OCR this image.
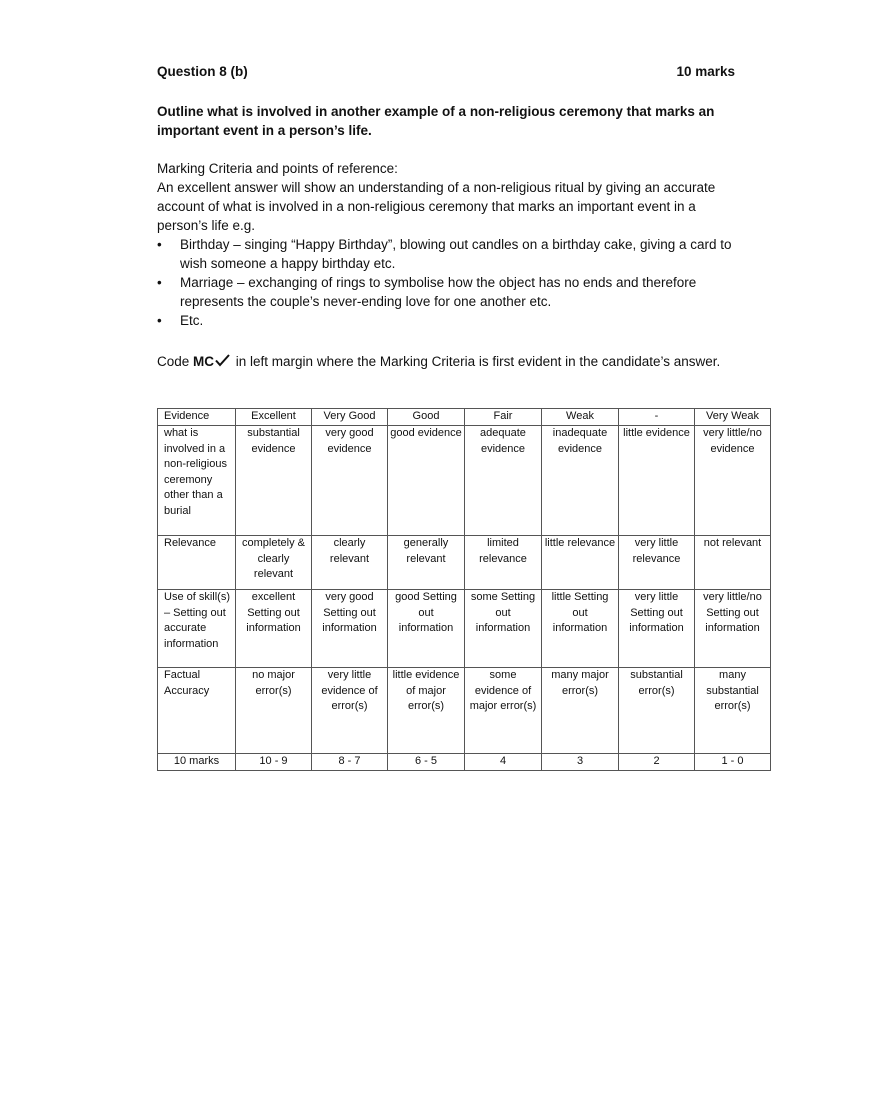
Question 8 (b)	10 marks
Outline what is involved in another example of a non-religious ceremony that marks an important event in a person’s life.

Marking Criteria and points of reference:

An excellent answer will show an understanding of a non-religious ritual by giving an accurate account of what is involved in a non-religious ceremony that marks an important event in a person’s life e.g.

•	Birthday – singing “Happy Birthday”, blowing out candles on a birthday cake, giving a card to wish someone a happy birthday etc.
•	Marriage – exchanging of rings to symbolise how the object has no ends and therefore represents the couple’s never-ending love for one another etc.
•	Etc.
Code MC in left margin where the Marking Criteria is first evident in the candidate’s answer.
Evidence	Excellent	Very Good	Good	Fair	Weak	-	Very Weak
what is involved in a non-religious ceremony other than a burial	substantial evidence	very good evidence	good evidence	adequate evidence	inadequate evidence	little evidence	very little/no evidence
Relevance	completely & clearly relevant	clearly relevant	generally relevant	limited relevance	little relevance	very little relevance	not relevant
Use of skill(s) – Setting out accurate information	excellent Setting out information	very good Setting out information	good Setting out information	some Setting out information	little Setting out information	very little Setting out information	very little/no Setting out information
Factual Accuracy	no major error(s)	very little evidence of error(s)	little evidence of major error(s)	some evidence of major error(s)	many major error(s)	substantial error(s)	many substantial error(s)
10 marks	10 - 9	8 - 7	6 - 5	4	3	2	1 - 0
